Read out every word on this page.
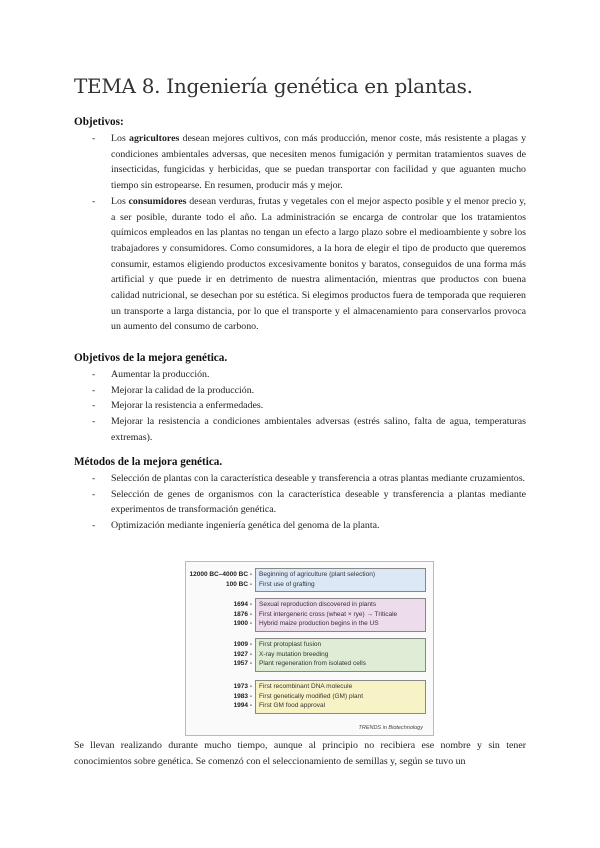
TEMA 8. Ingeniería genética en plantas.

Objetivos:

- Los agricultores desean mejores cultivos, con más producción, menor coste, más resistente a plagas y condiciones ambientales adversas, que necesiten menos fumigación y permitan tratamientos suaves de insecticidas, fungicidas y herbicidas, que se puedan transportar con facilidad y que aguanten mucho tiempo sin estropearse. En resumen, producir más y mejor.
- Los consumidores desean verduras, frutas y vegetales con el mejor aspecto posible y el menor precio y, a ser posible, durante todo el año. La administración se encarga de controlar que los tratamientos químicos empleados en las plantas no tengan un efecto a largo plazo sobre el medioambiente y sobre los trabajadores y consumidores. Como consumidores, a la hora de elegir el tipo de producto que queremos consumir, estamos eligiendo productos excesivamente bonitos y baratos, conseguidos de una forma más artificial y que puede ir en detrimento de nuestra alimentación, mientras que productos con buena calidad nutricional, se desechan por su estética. Si elegimos productos fuera de temporada que requieren un transporte a larga distancia, por lo que el transporte y el almacenamiento para conservarlos provoca un aumento del consumo de carbono.

Objetivos de la mejora genética.

- Aumentar la producción.
- Mejorar la calidad de la producción.
- Mejorar la resistencia a enfermedades.
- Mejorar la resistencia a condiciones ambientales adversas (estrés salino, falta de agua, temperaturas extremas).

Métodos de la mejora genética.

- Selección de plantas con la característica deseable y transferencia a otras plantas mediante cruzamientos.
- Selección de genes de organismos con la característica deseable y transferencia a plantas mediante experimentos de transformación genética.
- Optimización mediante ingeniería genética del genoma de la planta.
12000 BC–4000 BC -
100 BC -
Beginning of agriculture (plant selection)
First use of grafting
1694 -
1876 -
1900 -
Sexual reproduction discovered in plants
First intergeneric cross (wheat × rye) → Triticale
Hybrid maize production begins in the US
1909 -
1927 -
1957 -
First protoplast fusion
X-ray mutation breeding
Plant regeneration from isolated cells
1973 -
1983 -
1994 -
First recombinant DNA molecule
First genetically modified (GM) plant
First GM food approval
TRENDS in Biotechnology

Se llevan realizando durante mucho tiempo, aunque al principio no recibiera ese nombre y sin tener conocimientos sobre genética. Se comenzó con el seleccionamiento de semillas y, según se tuvo un
